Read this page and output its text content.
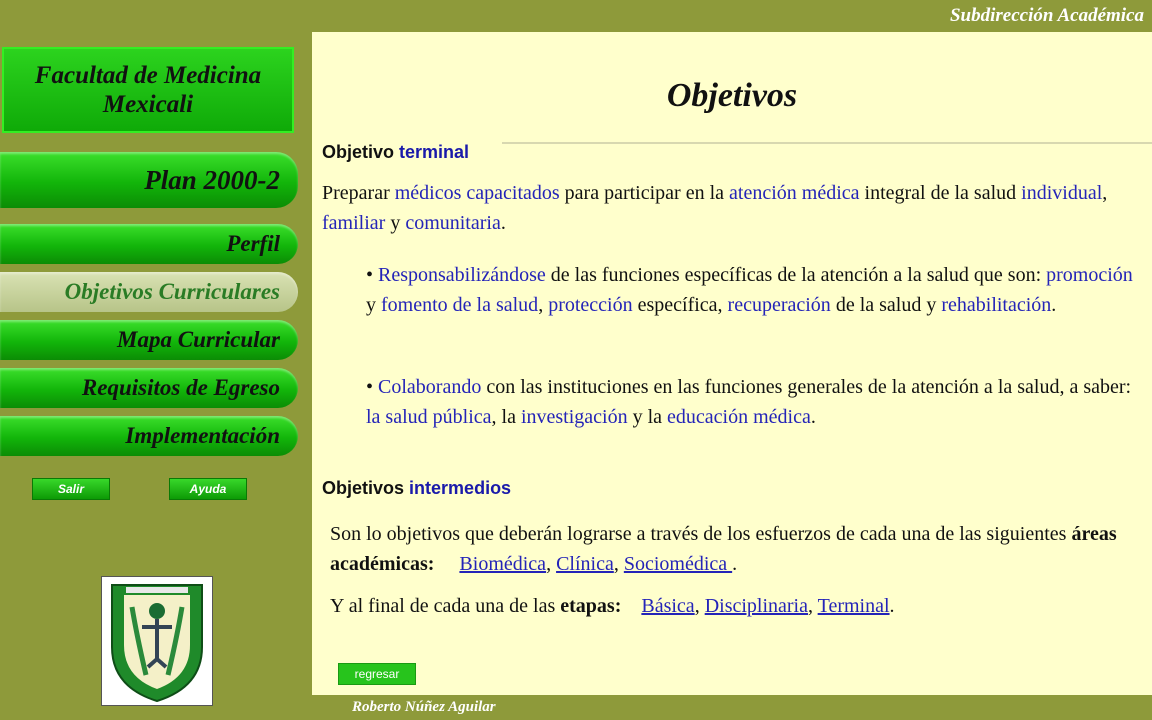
Facultad de Medicina
Mexicali
Plan 2000-2
Perfil
Objetivos Curriculares
Mapa Curricular
Requisitos de Egreso
Implementación
Salir	Ayuda
Subdirección Académica
Objetivos
Objetivo terminal
Preparar médicos capacitados para participar en la atención médica integral de la salud individual, familiar y comunitaria.
• Responsabilizándose de las funciones específicas de la atención a la salud que son: promoción y fomento de la salud, protección específica, recuperación de la salud y rehabilitación.
• Colaborando con las instituciones en las funciones generales de la atención a la salud, a saber: la salud pública, la investigación y la educación médica.
Objetivos intermedios
Son lo objetivos que deberán lograrse a través de los esfuerzos de cada una de las siguientes áreas académicas: Biomédica, Clínica, Sociomédica .
Y al final de cada una de las etapas: Básica, Disciplinaria, Terminal.
regresar
Roberto Núñez Aguilar
